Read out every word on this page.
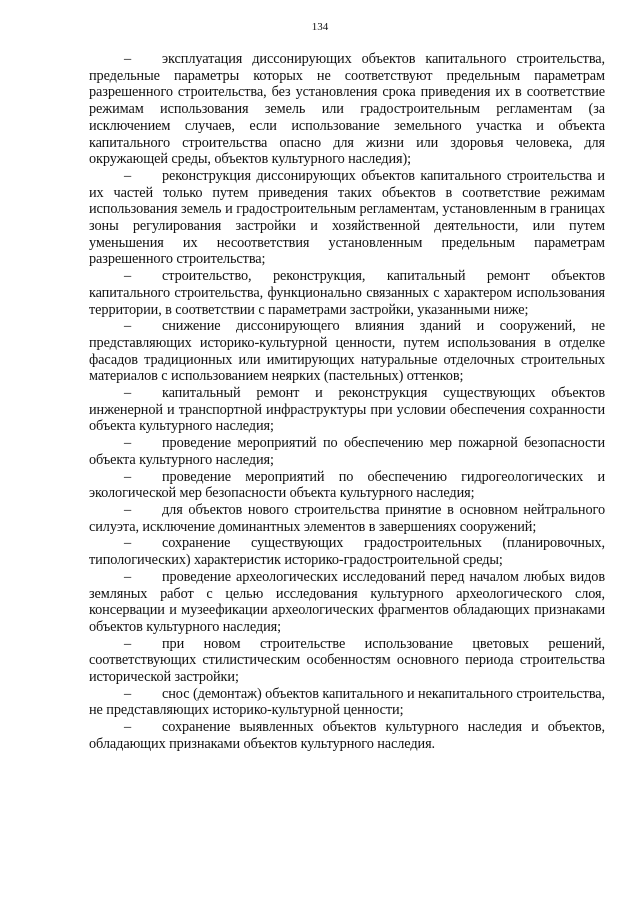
134

– эксплуатация диссонирующих объектов капитального строительства, предельные параметры которых не соответствуют предельным параметрам разрешенного строительства, без установления срока приведения их в соответствие режимам использования земель или градостроительным регламентам (за исключением случаев, если использование земельного участка и объекта капитального строительства опасно для жизни или здоровья человека, для окружающей среды, объектов культурного наследия);

– реконструкция диссонирующих объектов капитального строительства и их частей только путем приведения таких объектов в соответствие режимам использования земель и градостроительным регламентам, установленным в границах зоны регулирования застройки и хозяйственной деятельности, или путем уменьшения их несоответствия установленным предельным параметрам разрешенного строительства;

– строительство, реконструкция, капитальный ремонт объектов капитального строительства, функционально связанных с характером использования территории, в соответствии с параметрами застройки, указанными ниже;

– снижение диссонирующего влияния зданий и сооружений, не представляющих историко-культурной ценности, путем использования в отделке фасадов традиционных или имитирующих натуральные отделочных строительных материалов с использованием неярких (пастельных) оттенков;

– капитальный ремонт и реконструкция существующих объектов инженерной и транспортной инфраструктуры при условии обеспечения сохранности объекта культурного наследия;

– проведение мероприятий по обеспечению мер пожарной безопасности объекта культурного наследия;

– проведение мероприятий по обеспечению гидрогеологических и экологической мер безопасности объекта культурного наследия;

– для объектов нового строительства принятие в основном нейтрального силуэта, исключение доминантных элементов в завершениях сооружений;

– сохранение существующих градостроительных (планировочных, типологических) характеристик историко-градостроительной среды;

– проведение археологических исследований перед началом любых видов земляных работ с целью исследования культурного археологического слоя, консервации и музеефикации археологических фрагментов обладающих признаками объектов культурного наследия;

– при новом строительстве использование цветовых решений, соответствующих стилистическим особенностям основного периода строительства исторической застройки;

– снос (демонтаж) объектов капитального и некапитального строительства, не представляющих историко-культурной ценности;

– сохранение выявленных объектов культурного наследия и объектов, обладающих признаками объектов культурного наследия.
